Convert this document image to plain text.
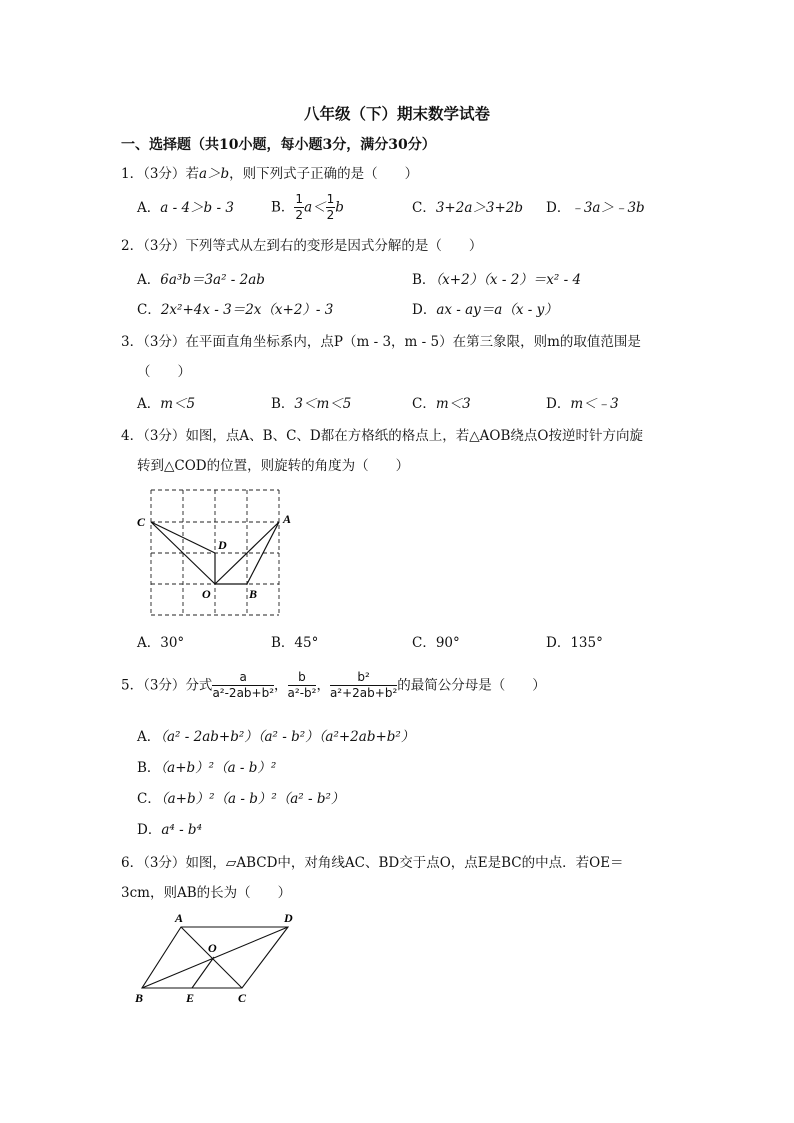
八年级（下）期末数学试卷
一、选择题（共10小题，每小题3分，满分30分）
1．（3分）若a＞b，则下列式子正确的是（　　）
A．a - 4＞b - 3	B． $\frac{1}{2} a< \frac{1}{2}$ b	C．3+2a＞3+2b D．﹣3a＞﹣3b
2．（3分）下列等式从左到右的变形是因式分解的是（　　）
A．6a³b＝3a² - 2ab	B．（x+2）（x - 2）＝x² - 4
C．2x²+4x - 3＝2x（x+2）- 3	D．ax - ay＝a（x - y）
3．（3分）在平面直角坐标系内，点P（m - 3，m - 5）在第三象限，则m的取值范围是
（　　）
A．m＜5	B．3＜m＜5	C．m＜3	D．m＜﹣3
4．（3分）如图，点A、B、C、D都在方格纸的格点上，若△AOB绕点O按逆时针方向旋
转到△COD的位置，则旋转的角度为（　　）
C	A
D
O	B
A．30°	B．45°	C．90°	D．135°
5．（3分）分式 $\frac{a}{\text{a²-2ab+b²}}$ ， $\frac{b}{\text{a²-b²}}$ ， $\frac{\text{b²}}{\text{a²+2ab+b²}}$ 的最简公分母是（　　）
A．（a² - 2ab+b²）（a² - b²）（a²+2ab+b²）
B．（a+b）²（a - b）²
C．（a+b）²（a - b）²（a² - b²）
D．a⁴ - b⁴
6．（3分）如图，▱ABCD中，对角线AC、BD交于点O，点E是BC的中点．若OE＝
3cm，则AB的长为（　　）
A	D
O
B	E	C
